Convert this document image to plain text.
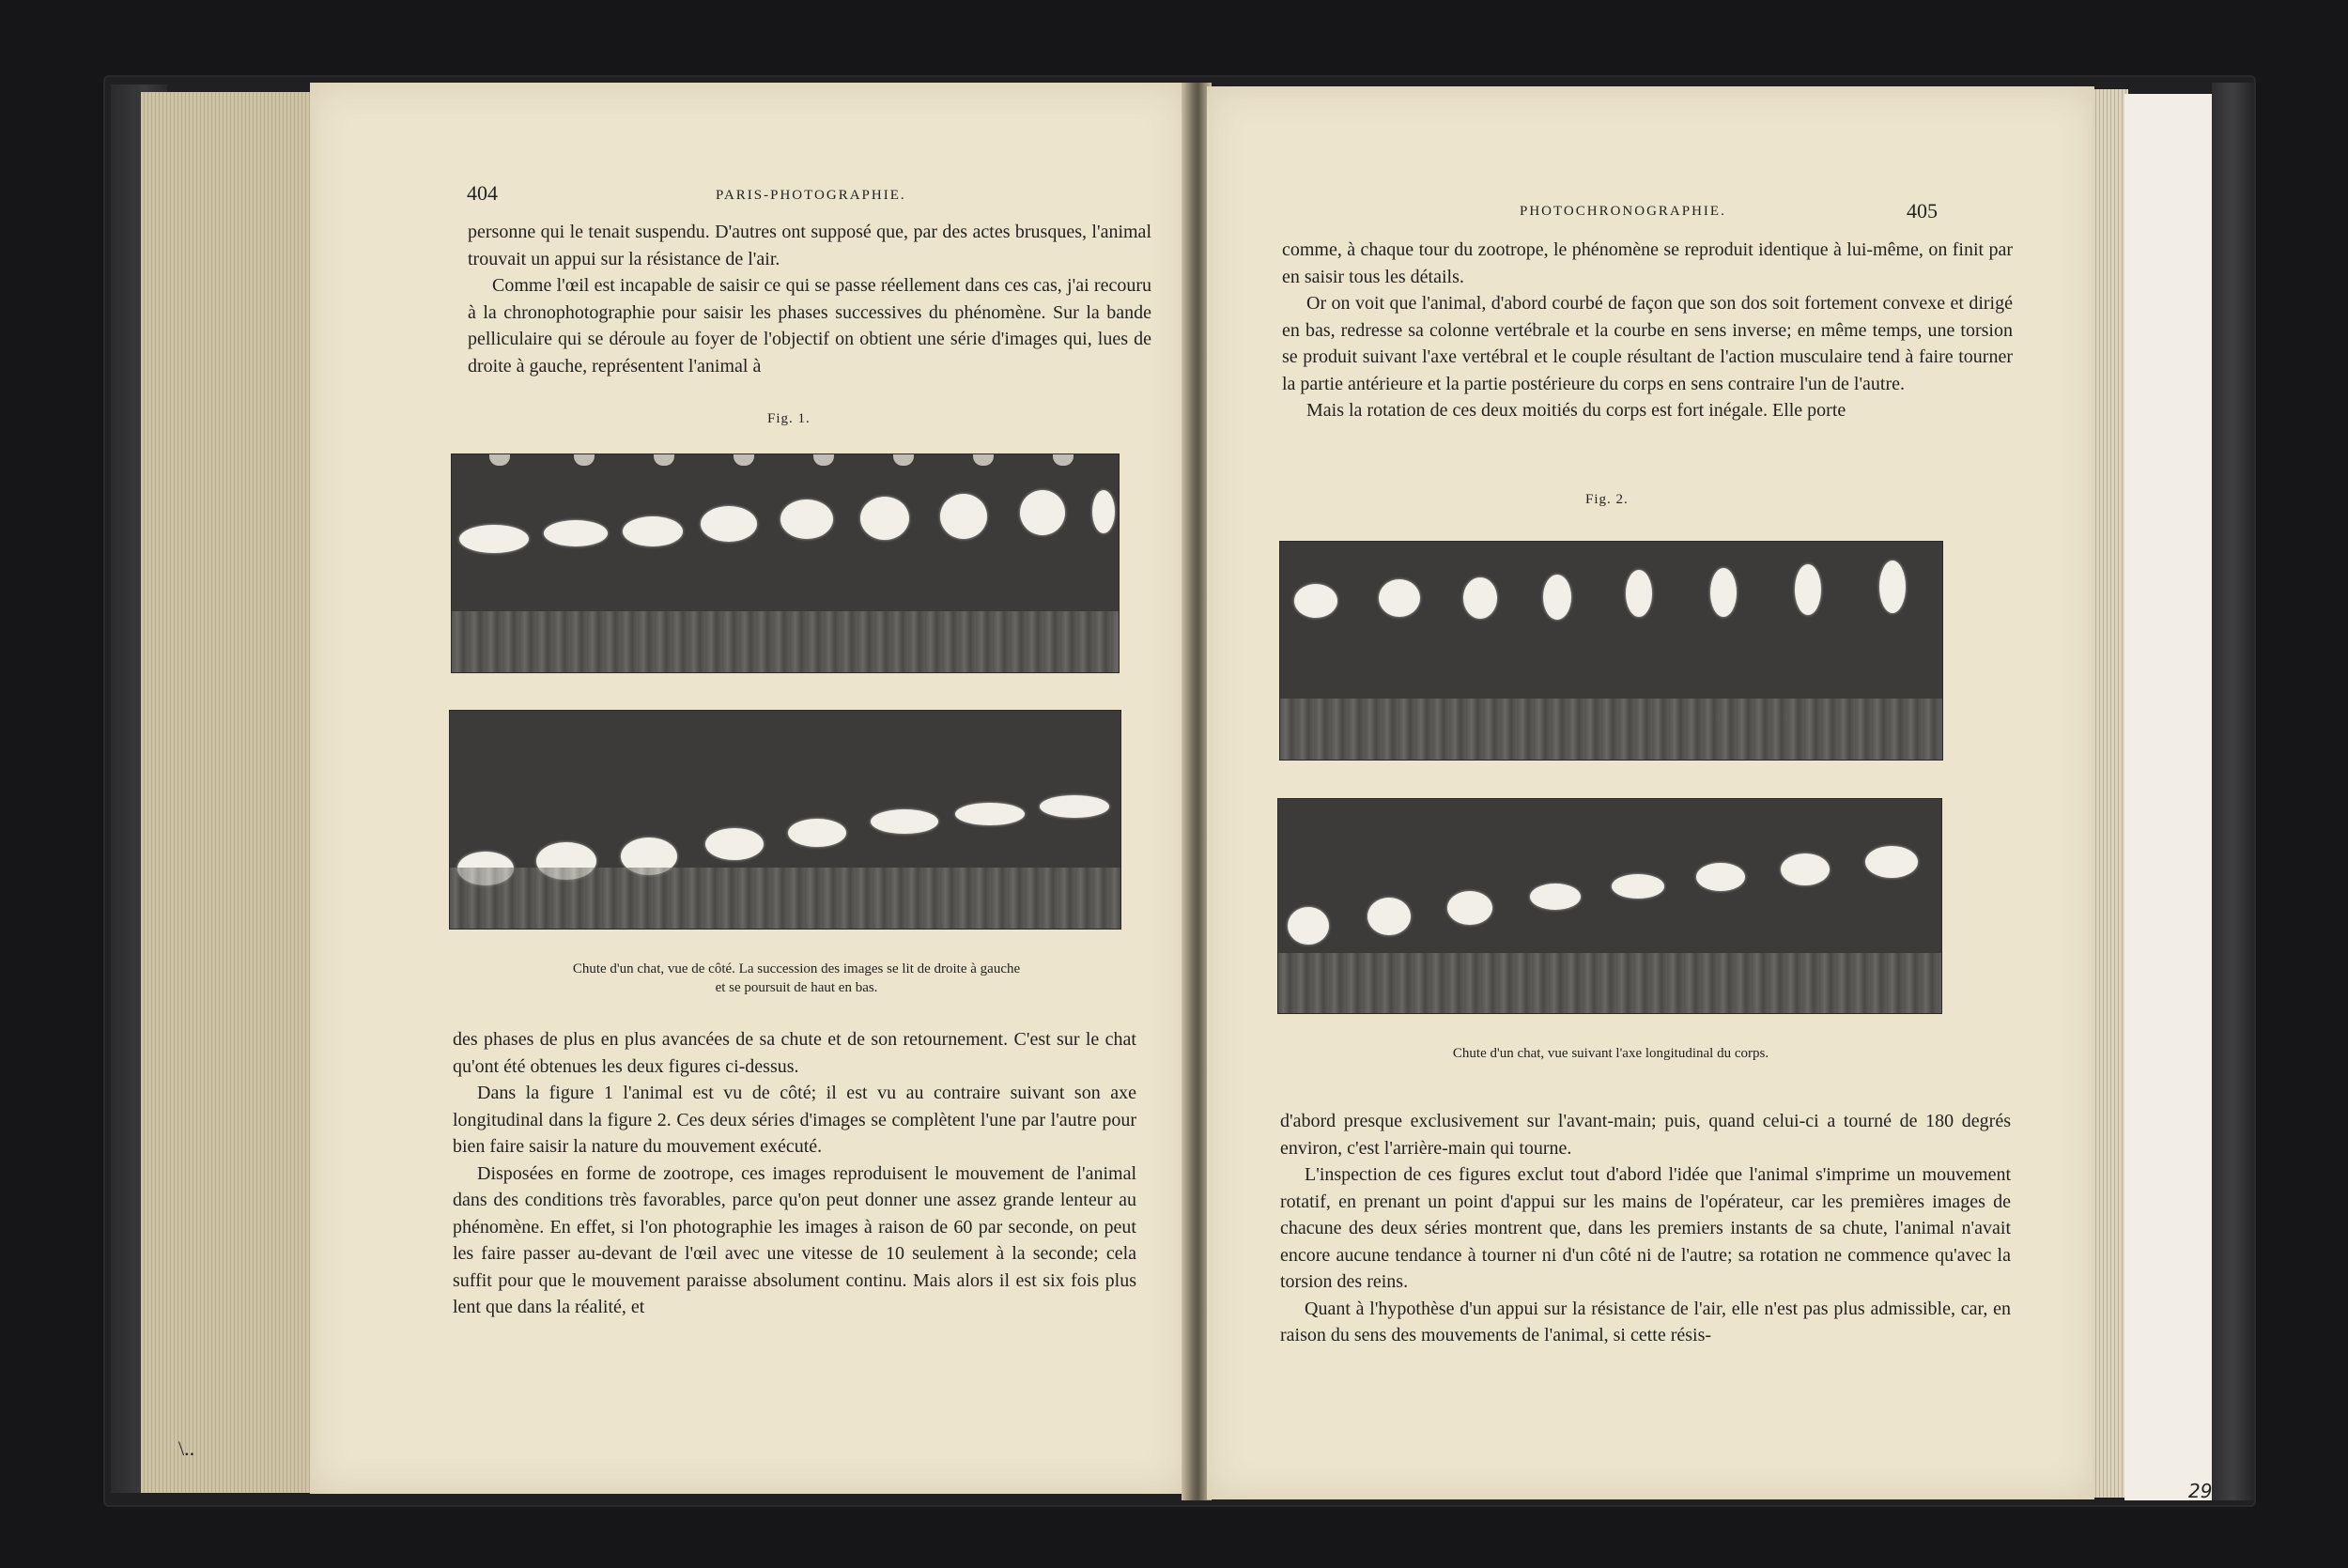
\..
404	PARIS-PHOTOGRAPHIE.

personne qui le tenait suspendu. D'autres ont supposé que, par des actes brusques, l'animal trouvait un appui sur la résistance de l'air.

Comme l'œil est incapable de saisir ce qui se passe réellement dans ces cas, j'ai recouru à la chronophotographie pour saisir les phases successives du phénomène. Sur la bande pelliculaire qui se déroule au foyer de l'objectif on obtient une série d'images qui, lues de droite à gauche, représentent l'animal à

Fig. 1.
Chute d'un chat, vue de côté. La succession des images se lit de droite à gauche
et se poursuit de haut en bas.

des phases de plus en plus avancées de sa chute et de son retournement. C'est sur le chat qu'ont été obtenues les deux figures ci-dessus.

Dans la figure 1 l'animal est vu de côté; il est vu au contraire suivant son axe longitudinal dans la figure 2. Ces deux séries d'images se complètent l'une par l'autre pour bien faire saisir la nature du mouvement exécuté.

Disposées en forme de zootrope, ces images reproduisent le mouvement de l'animal dans des conditions très favorables, parce qu'on peut donner une assez grande lenteur au phénomène. En effet, si l'on photographie les images à raison de 60 par seconde, on peut les faire passer au-devant de l'œil avec une vitesse de 10 seulement à la seconde; cela suffit pour que le mouvement paraisse absolument continu. Mais alors il est six fois plus lent que dans la réalité, et

PHOTOCHRONOGRAPHIE.	405

comme, à chaque tour du zootrope, le phénomène se reproduit identique à lui-même, on finit par en saisir tous les détails.

Or on voit que l'animal, d'abord courbé de façon que son dos soit fortement convexe et dirigé en bas, redresse sa colonne vertébrale et la courbe en sens inverse; en même temps, une torsion se produit suivant l'axe vertébral et le couple résultant de l'action musculaire tend à faire tourner la partie antérieure et la partie postérieure du corps en sens contraire l'un de l'autre.

Mais la rotation de ces deux moitiés du corps est fort inégale. Elle porte

Fig. 2.
Chute d'un chat, vue suivant l'axe longitudinal du corps.

d'abord presque exclusivement sur l'avant-main; puis, quand celui-ci a tourné de 180 degrés environ, c'est l'arrière-main qui tourne.

L'inspection de ces figures exclut tout d'abord l'idée que l'animal s'imprime un mouvement rotatif, en prenant un point d'appui sur les mains de l'opérateur, car les premières images de chacune des deux séries montrent que, dans les premiers instants de sa chute, l'animal n'avait encore aucune tendance à tourner ni d'un côté ni de l'autre; sa rotation ne commence qu'avec la torsion des reins.

Quant à l'hypothèse d'un appui sur la résistance de l'air, elle n'est pas plus admissible, car, en raison du sens des mouvements de l'animal, si cette résis-

29
